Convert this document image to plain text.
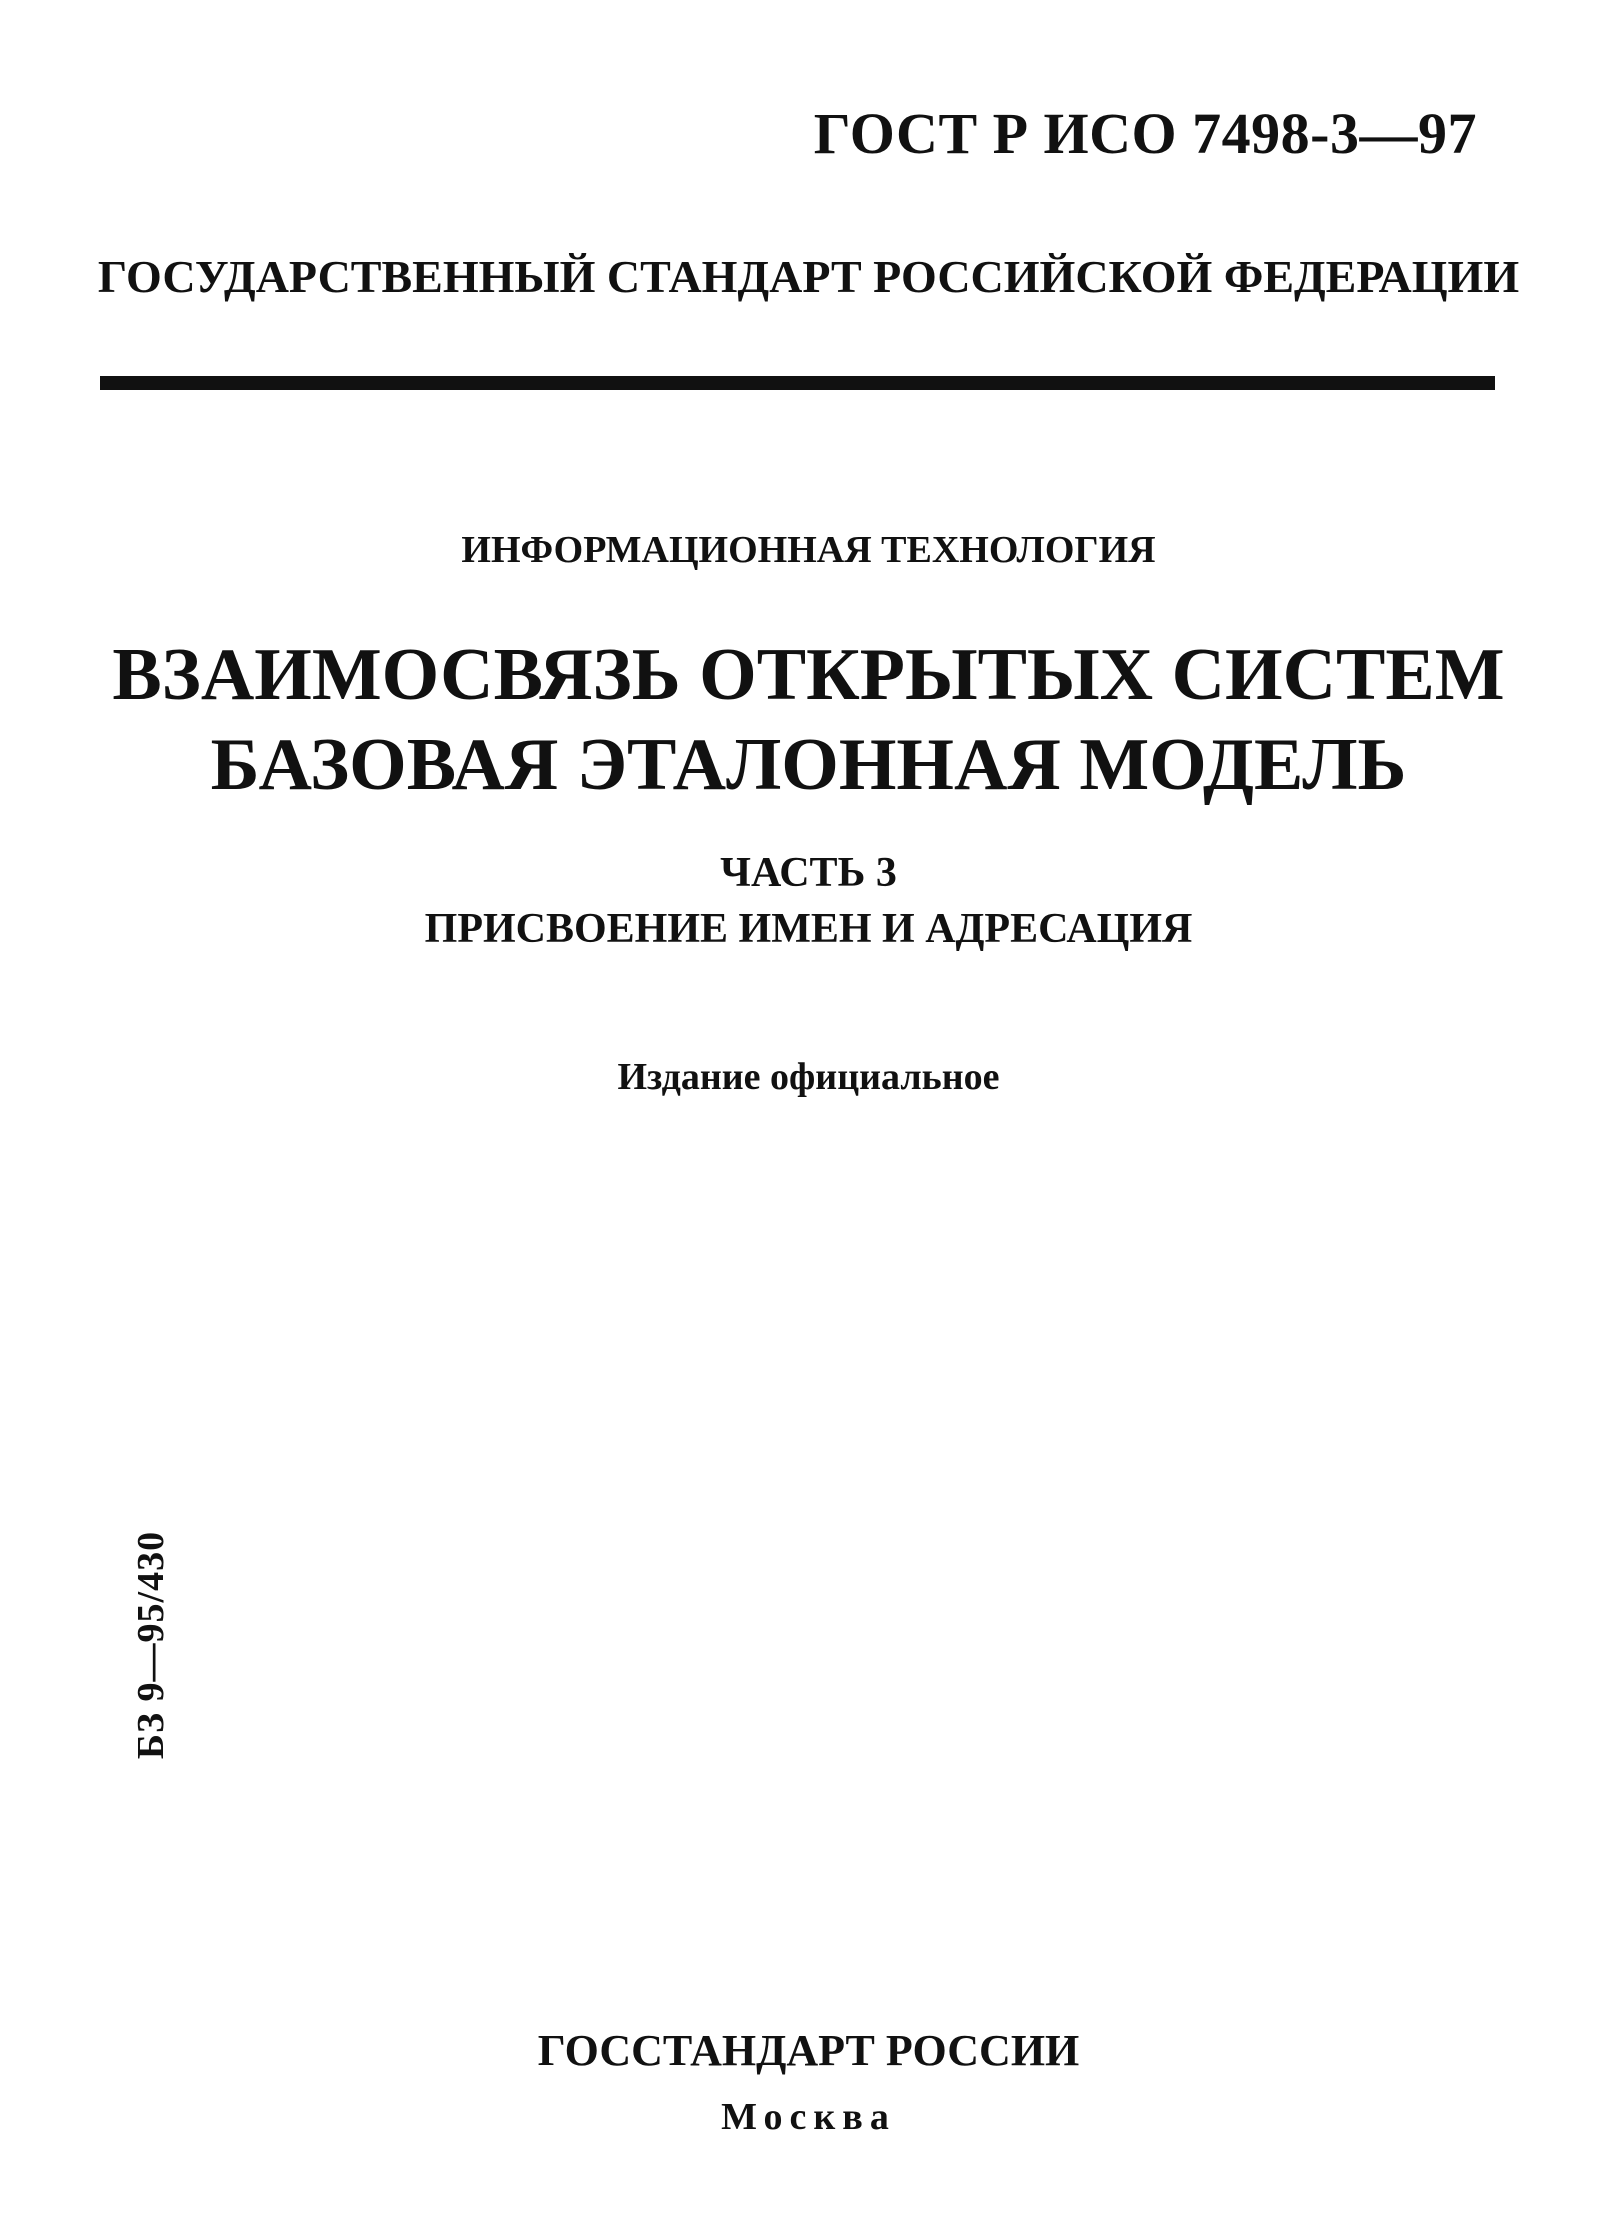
ГОСТ Р ИСО 7498-3—97
ГОСУДАРСТВЕННЫЙ СТАНДАРТ РОССИЙСКОЙ ФЕДЕРАЦИИ
ИНФОРМАЦИОННАЯ ТЕХНОЛОГИЯ
ВЗАИМОСВЯЗЬ ОТКРЫТЫХ СИСТЕМ
БАЗОВАЯ ЭТАЛОННАЯ МОДЕЛЬ
ЧАСТЬ 3
ПРИСВОЕНИЕ ИМЕН И АДРЕСАЦИЯ
Издание официальное
БЗ 9—95/430
ГОССТАНДАРТ РОССИИ
Москва
